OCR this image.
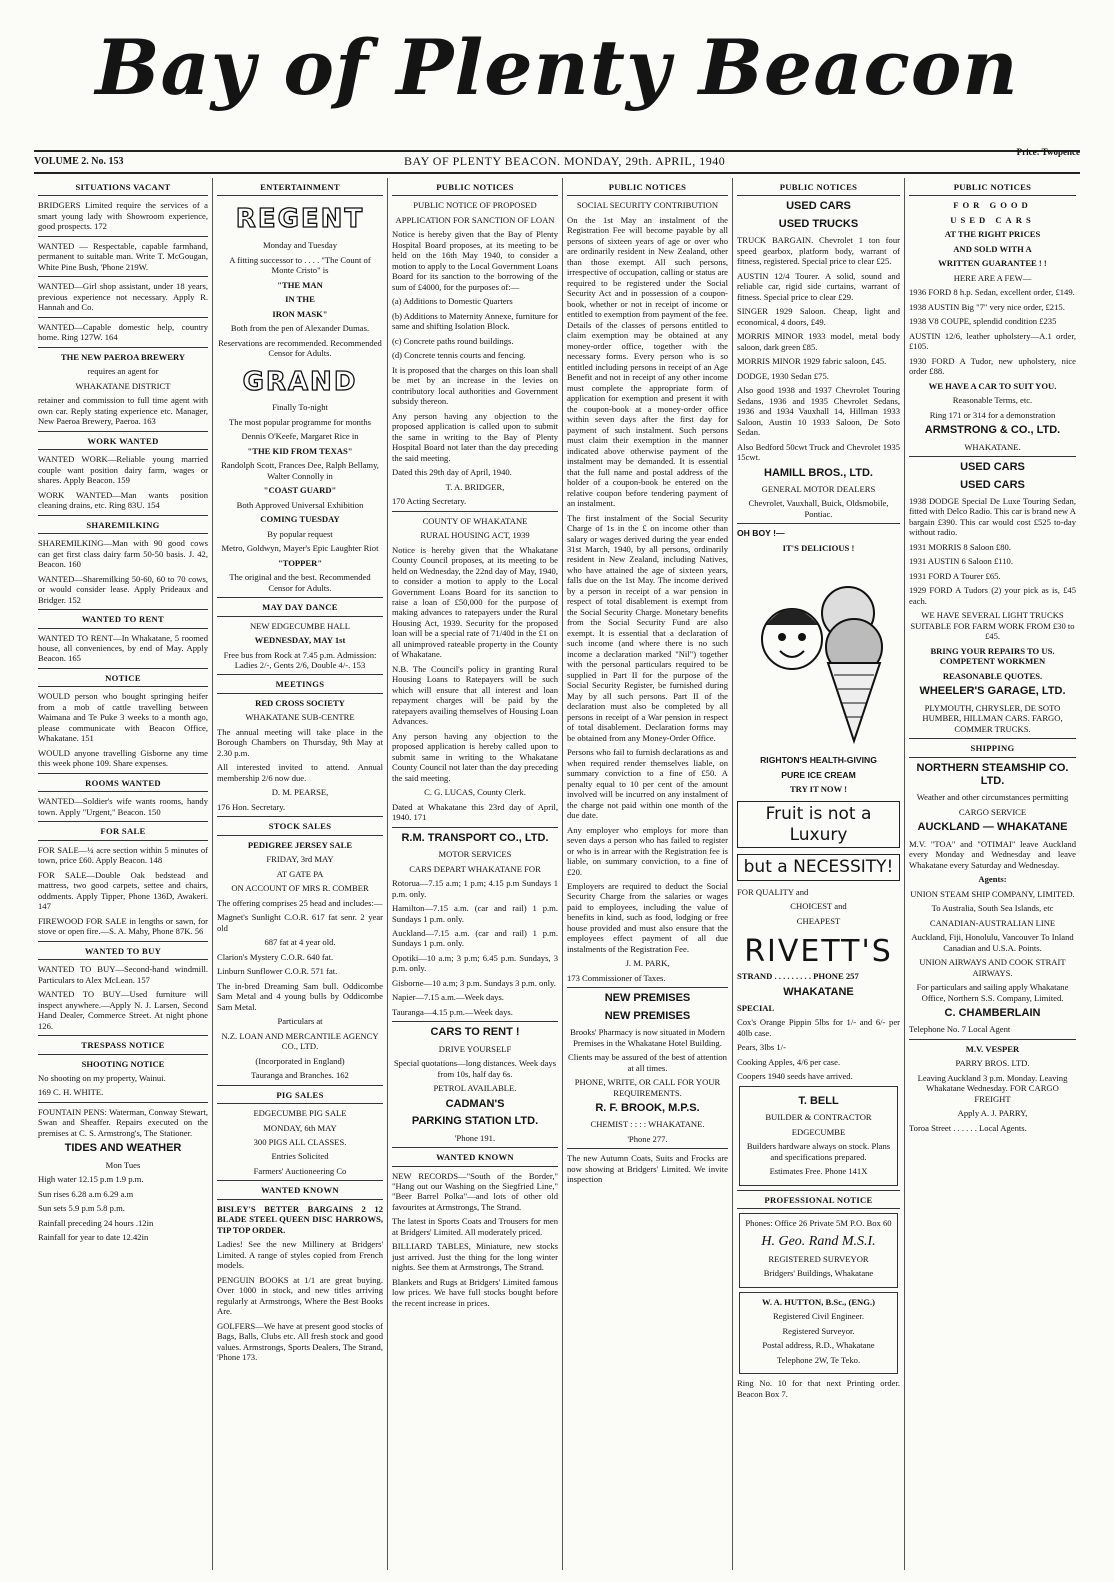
Bay of Plenty Beacon
VOLUME 2. No. 153	BAY OF PLENTY BEACON. MONDAY, 29th. APRIL, 1940
Price: Twopence
SITUATIONS VACANT

BRIDGERS Limited require the services of a smart young lady with Showroom experience, good prospects. 172

WANTED — Respectable, capable farmhand, permanent to suitable man. Write T. McGougan, White Pine Bush, 'Phone 219W.

WANTED—Girl shop assistant, under 18 years, previous experience not necessary. Apply R. Hannah and Co.

WANTED—Capable domestic help, country home. Ring 127W. 164

THE NEW PAEROA BREWERY

requires an agent for

WHAKATANE DISTRICT

retainer and commission to full time agent with own car. Reply stating experience etc. Manager, New Paeroa Brewery, Paeroa. 163

WORK WANTED

WANTED WORK—Reliable young married couple want position dairy farm, wages or shares. Apply Beacon. 159

WORK WANTED—Man wants position cleaning drains, etc. Ring 83U. 154

SHAREMILKING

SHAREMILKING—Man with 90 good cows can get first class dairy farm 50-50 basis. J. 42, Beacon. 160

WANTED—Sharemilking 50-60, 60 to 70 cows, or would consider lease. Apply Prideaux and Bridger. 152

WANTED TO RENT

WANTED TO RENT—In Whakatane, 5 roomed house, all conveniences, by end of May. Apply Beacon. 165

NOTICE

WOULD person who bought springing heifer from a mob of cattle travelling between Waimana and Te Puke 3 weeks to a month ago, please communicate with Beacon Office, Whakatane. 151

WOULD anyone travelling Gisborne any time this week phone 109. Share expenses.

ROOMS WANTED

WANTED—Soldier's wife wants rooms, handy town. Apply "Urgent," Beacon. 150

FOR SALE

FOR SALE—¼ acre section within 5 minutes of town, price £60. Apply Beacon. 148

FOR SALE—Double Oak bedstead and mattress, two good carpets, settee and chairs, oddments. Apply Tipper, Phone 136D, Awakeri. 147

FIREWOOD FOR SALE in lengths or sawn, for stove or open fire.—S. A. Mahy, Phone 87K. 56

WANTED TO BUY

WANTED TO BUY—Second-hand windmill. Particulars to Alex McLean. 157

WANTED TO BUY—Used furniture will inspect anywhere.—Apply N. J. Larsen, Second Hand Dealer, Commerce Street. At night phone 126.

TRESPASS NOTICE

SHOOTING NOTICE

No shooting on my property, Wainui.

169 C. H. WHITE.

FOUNTAIN PENS: Waterman, Conway Stewart, Swan and Sheaffer. Repairs executed on the premises at C. S. Armstrong's, The Stationer.

TIDES AND WEATHER

Mon Tues

High water 12.15 p.m 1.9 p.m.

Sun rises 6.28 a.m 6.29 a.m

Sun sets 5.9 p.m 5.8 p.m.

Rainfall preceding 24 hours .12in

Rainfall for year to date 12.42in

ENTERTAINMENT
REGENT

Monday and Tuesday

A fitting successor to . . . . "The Count of Monte Cristo" is

"THE MAN

IN THE

IRON MASK"

Both from the pen of Alexander Dumas.

Reservations are recommended. Recommended Censor for Adults.

GRAND

Finally To-night

The most popular programme for months

Dennis O'Keefe, Margaret Rice in

"THE KID FROM TEXAS"

Randolph Scott, Frances Dee, Ralph Bellamy, Walter Connolly in

"COAST GUARD"

Both Approved Universal Exhibition

COMING TUESDAY

By popular request

Metro, Goldwyn, Mayer's Epic Laughter Riot

"TOPPER"

The original and the best. Recommended Censor for Adults.

MAY DAY DANCE

NEW EDGECUMBE HALL

WEDNESDAY, MAY 1st

Free bus from Rock at 7.45 p.m. Admission: Ladies 2/-, Gents 2/6, Double 4/-. 153

MEETINGS

RED CROSS SOCIETY

WHAKATANE SUB-CENTRE

The annual meeting will take place in the Borough Chambers on Thursday, 9th May at 2.30 p.m.

All interested invited to attend. Annual membership 2/6 now due.

D. M. PEARSE,

176 Hon. Secretary.

STOCK SALES

PEDIGREE JERSEY SALE

FRIDAY, 3rd MAY

AT GATE PA

ON ACCOUNT OF MRS R. COMBER

The offering comprises 25 head and includes:—

Magnet's Sunlight C.O.R. 617 fat senr. 2 year old

687 fat at 4 year old.

Clarion's Mystery C.O.R. 640 fat.

Linburn Sunflower C.O.R. 571 fat.

The in-bred Dreaming Sam bull. Oddicombe Sam Metal and 4 young bulls by Oddicombe Sam Metal.

Particulars at

N.Z. LOAN AND MERCANTILE AGENCY CO., LTD.

(Incorporated in England)

Tauranga and Branches. 162

PIG SALES

EDGECUMBE PIG SALE

MONDAY, 6th MAY

300 PIGS ALL CLASSES.

Entries Solicited

Farmers' Auctioneering Co

WANTED KNOWN

BISLEY'S BETTER BARGAINS 2 12 BLADE STEEL QUEEN DISC HARROWS, TIP TOP ORDER.

Ladies! See the new Millinery at Bridgers' Limited. A range of styles copied from French models.

PENGUIN BOOKS at 1/1 are great buying. Over 1000 in stock, and new titles arriving regularly at Armstrongs, Where the Best Books Are.

GOLFERS—We have at present good stocks of Bags, Balls, Clubs etc. All fresh stock and good values. Armstrongs, Sports Dealers, The Strand, 'Phone 173.

PUBLIC NOTICES

PUBLIC NOTICE OF PROPOSED

APPLICATION FOR SANCTION OF LOAN

Notice is hereby given that the Bay of Plenty Hospital Board proposes, at its meeting to be held on the 16th May 1940, to consider a motion to apply to the Local Government Loans Board for its sanction to the borrowing of the sum of £4000, for the purposes of:—

(a) Additions to Domestic Quarters

(b) Additions to Maternity Annexe, furniture for same and shifting Isolation Block.

(c) Concrete paths round buildings.

(d) Concrete tennis courts and fencing.

It is proposed that the charges on this loan shall be met by an increase in the levies on contributory local authorities and Government subsidy thereon.

Any person having any objection to the proposed application is called upon to submit the same in writing to the Bay of Plenty Hospital Board not later than the day preceding the said meeting.

Dated this 29th day of April, 1940.

T. A. BRIDGER,

170 Acting Secretary.

COUNTY OF WHAKATANE

RURAL HOUSING ACT, 1939

Notice is hereby given that the Whakatane County Council proposes, at its meeting to be held on Wednesday, the 22nd day of May, 1940, to consider a motion to apply to the Local Government Loans Board for its sanction to raise a loan of £50,000 for the purpose of making advances to ratepayers under the Rural Housing Act, 1939. Security for the proposed loan will be a special rate of 71/40d in the £1 on all unimproved rateable property in the County of Whakatane.

N.B. The Council's policy in granting Rural Housing Loans to Ratepayers will be such which will ensure that all interest and loan repayment charges will be paid by the ratepayers availing themselves of Housing Loan Advances.

Any person having any objection to the proposed application is hereby called upon to submit same in writing to the Whakatane County Council not later than the day preceding the said meeting.

C. G. LUCAS, County Clerk.

Dated at Whakatane this 23rd day of April, 1940. 171

R.M. TRANSPORT CO., LTD.

MOTOR SERVICES

CARS DEPART WHAKATANE FOR

Rotorua—7.15 a.m; 1 p.m; 4.15 p.m Sundays 1 p.m. only.

Hamilton—7.15 a.m. (car and rail) 1 p.m. Sundays 1 p.m. only.

Auckland—7.15 a.m. (car and rail) 1 p.m. Sundays 1 p.m. only.

Opotiki—10 a.m; 3 p.m; 6.45 p.m. Sundays, 3 p.m. only.

Gisborne—10 a.m; 3 p.m. Sundays 3 p.m. only.

Napier—7.15 a.m.—Week days.

Tauranga—4.15 p.m.—Week days.

CARS TO RENT !

DRIVE YOURSELF

Special quotations—long distances. Week days from 10s, half day 6s.

PETROL AVAILABLE.

CADMAN'S

PARKING STATION LTD.

'Phone 191.

WANTED KNOWN

NEW RECORDS—"South of the Border," "Hang out our Washing on the Siegfried Line," "Beer Barrel Polka"—and lots of other old favourites at Armstrongs, The Strand.

The latest in Sports Coats and Trousers for men at Bridgers' Limited. All moderately priced.

BILLIARD TABLES, Miniature, new stocks just arrived. Just the thing for the long winter nights. See them at Armstrongs, The Strand.

Blankets and Rugs at Bridgers' Limited famous low prices. We have full stocks bought before the recent increase in prices.

PUBLIC NOTICES

SOCIAL SECURITY CONTRIBUTION

On the 1st May an instalment of the Registration Fee will become payable by all persons of sixteen years of age or over who are ordinarily resident in New Zealand, other than those exempt. All such persons, irrespective of occupation, calling or status are required to be registered under the Social Security Act and in possession of a coupon-book, whether or not in receipt of income or entitled to exemption from payment of the fee. Details of the classes of persons entitled to claim exemption may be obtained at any money-order office, together with the necessary forms. Every person who is so entitled including persons in receipt of an Age Benefit and not in receipt of any other income must complete the appropriate form of application for exemption and present it with the coupon-book at a money-order office within seven days after the first day for payment of such instalment. Such persons must claim their exemption in the manner indicated above otherwise payment of the instalment may be demanded. It is essential that the full name and postal address of the holder of a coupon-book be entered on the relative coupon before tendering payment of an instalment.

The first instalment of the Social Security Charge of 1s in the £ on income other than salary or wages derived during the year ended 31st March, 1940, by all persons, ordinarily resident in New Zealand, including Natives, who have attained the age of sixteen years, falls due on the 1st May. The income derived by a person in receipt of a war pension in respect of total disablement is exempt from the Social Security Charge. Monetary benefits from the Social Security Fund are also exempt. It is essential that a declaration of such income (and where there is no such income a declaration marked "Nil") together with the personal particulars required to be supplied in Part II for the purpose of the Social Security Register, be furnished during May by all such persons. Part II of the declaration must also be completed by all persons in receipt of a War pension in respect of total disablement. Declaration forms may be obtained from any Money-Order Office.

Persons who fail to furnish declarations as and when required render themselves liable, on summary conviction to a fine of £50. A penalty equal to 10 per cent of the amount involved will be incurred on any instalment of the charge not paid within one month of the due date.

Any employer who employs for more than seven days a person who has failed to register or who is in arrear with the Registration fee is liable, on summary conviction, to a fine of £20.

Employers are required to deduct the Social Security Charge from the salaries or wages paid to employees, including the value of benefits in kind, such as food, lodging or free house provided and must also ensure that the employees effect payment of all due instalments of the Registration Fee.

J. M. PARK,

173 Commissioner of Taxes.

NEW PREMISES

NEW PREMISES

Brooks' Pharmacy is now situated in Modern Premises in the Whakatane Hotel Building.

Clients may be assured of the best of attention at all times.

PHONE, WRITE, OR CALL FOR YOUR REQUIREMENTS.

R. F. BROOK, M.P.S.

CHEMIST : : : : WHAKATANE.

'Phone 277.

The new Autumn Coats, Suits and Frocks are now showing at Bridgers' Limited. We invite inspection

PUBLIC NOTICES

USED CARS

USED TRUCKS

TRUCK BARGAIN. Chevrolet 1 ton four speed gearbox, platform body, warrant of fitness, registered. Special price to clear £25.

AUSTIN 12/4 Tourer. A solid, sound and reliable car, rigid side curtains, warrant of fitness. Special price to clear £29.

SINGER 1929 Saloon. Cheap, light and economical, 4 doors, £49.

MORRIS MINOR 1933 model, metal body saloon, dark green £85.

MORRIS MINOR 1929 fabric saloon, £45.

DODGE, 1930 Sedan £75.

Also good 1938 and 1937 Chevrolet Touring Sedans, 1936 and 1935 Chevrolet Sedans, 1936 and 1934 Vauxhall 14, Hillman 1933 Saloon, Austin 10 1933 Saloon, De Soto Sedan.

Also Bedford 50cwt Truck and Chevrolet 1935 15cwt.

HAMILL BROS., LTD.

GENERAL MOTOR DEALERS

Chevrolet, Vauxhall, Buick, Oldsmobile, Pontiac.

OH BOY !—

IT'S DELICIOUS !

RIGHTON'S HEALTH-GIVING

PURE ICE CREAM

TRY IT NOW !

Fruit is not a Luxury
but a NECESSITY!

FOR QUALITY and

CHOICEST and

CHEAPEST

RIVETT'S

STRAND . . . . . . . . . PHONE 257

WHAKATANE

SPECIAL

Cox's Orange Pippin 5lbs for 1/- and 6/- per 40lb case.

Pears, 3lbs 1/-

Cooking Apples, 4/6 per case.

Coopers 1940 seeds have arrived.

T. BELL

BUILDER & CONTRACTOR

EDGECUMBE

Builders hardware always on stock. Plans and specifications prepared.

Estimates Free. Phone 141X

PROFESSIONAL NOTICE

Phones: Office 26 Private 5M P.O. Box 60

H. Geo. Rand M.S.I.

REGISTERED SURVEYOR

Bridgers' Buildings, Whakatane

W. A. HUTTON, B.Sc., (ENG.)

Registered Civil Engineer.

Registered Surveyor.

Postal address, R.D., Whakatane

Telephone 2W, Te Teko.

Ring No. 10 for that next Printing order. Beacon Box 7.

PUBLIC NOTICES

FOR GOOD

USED CARS

AT THE RIGHT PRICES

AND SOLD WITH A

WRITTEN GUARANTEE ! !

HERE ARE A FEW—

1936 FORD 8 h.p. Sedan, excellent order, £149.

1938 AUSTIN Big "7" very nice order, £215.

1938 V8 COUPE, splendid condition £235

AUSTIN 12/6, leather upholstery—A.1 order, £105.

1930 FORD A Tudor, new upholstery, nice order £88.

WE HAVE A CAR TO SUIT YOU.

Reasonable Terms, etc.

Ring 171 or 314 for a demonstration

ARMSTRONG & CO., LTD.

WHAKATANE.

USED CARS

USED CARS

1938 DODGE Special De Luxe Touring Sedan, fitted with Delco Radio. This car is brand new A bargain £390. This car would cost £525 to-day without radio.

1931 MORRIS 8 Saloon £80.

1931 AUSTIN 6 Saloon £110.

1931 FORD A Tourer £65.

1929 FORD A Tudors (2) your pick as is, £45 each.

WE HAVE SEVERAL LIGHT TRUCKS SUITABLE FOR FARM WORK FROM £30 to £45.

BRING YOUR REPAIRS TO US. COMPETENT WORKMEN

REASONABLE QUOTES.

WHEELER'S GARAGE, LTD.

PLYMOUTH, CHRYSLER, DE SOTO HUMBER, HILLMAN CARS. FARGO, COMMER TRUCKS.

SHIPPING

NORTHERN STEAMSHIP CO. LTD.

Weather and other circumstances permitting

CARGO SERVICE

AUCKLAND — WHAKATANE

M.V. "TOA" and "OTIMAI" leave Auckland every Monday and Wednesday and leave Whakatane every Saturday and Wednesday.

Agents:

UNION STEAM SHIP COMPANY, LIMITED.

To Australia, South Sea Islands, etc

CANADIAN-AUSTRALIAN LINE

Auckland, Fiji, Honolulu, Vancouver To Inland Canadian and U.S.A. Points.

UNION AIRWAYS AND COOK STRAIT AIRWAYS.

For particulars and sailing apply Whakatane Office, Northern S.S. Company, Limited.

C. CHAMBERLAIN

Telephone No. 7 Local Agent

M.V. VESPER

PARRY BROS. LTD.

Leaving Auckland 3 p.m. Monday. Leaving Whakatane Wednesday. FOR CARGO FREIGHT

Apply A. J. PARRY,

Toroa Street . . . . . . Local Agents.
